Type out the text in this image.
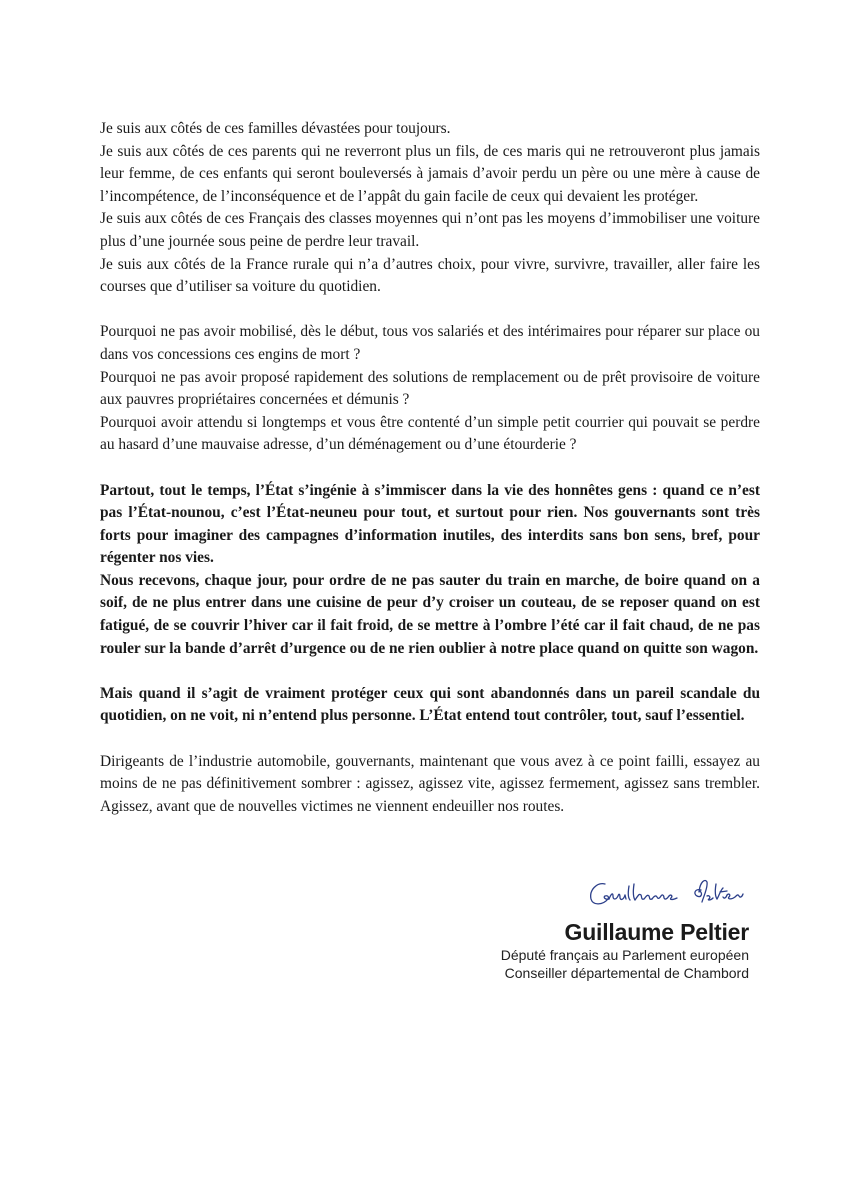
Je suis aux côtés de ces familles dévastées pour toujours.

Je suis aux côtés de ces parents qui ne reverront plus un fils, de ces maris qui ne retrouveront plus jamais leur femme, de ces enfants qui seront bouleversés à jamais d’avoir perdu un père ou une mère à cause de l’incompétence, de l’inconséquence et de l’appât du gain facile de ceux qui devaient les protéger.

Je suis aux côtés de ces Français des classes moyennes qui n’ont pas les moyens d’immobiliser une voiture plus d’une journée sous peine de perdre leur travail.

Je suis aux côtés de la France rurale qui n’a d’autres choix, pour vivre, survivre, travailler, aller faire les courses que d’utiliser sa voiture du quotidien.

Pourquoi ne pas avoir mobilisé, dès le début, tous vos salariés et des intérimaires pour réparer sur place ou dans vos concessions ces engins de mort ?

Pourquoi ne pas avoir proposé rapidement des solutions de remplacement ou de prêt provisoire de voiture aux pauvres propriétaires concernées et démunis ?

Pourquoi avoir attendu si longtemps et vous être contenté d’un simple petit courrier qui pouvait se perdre au hasard d’une mauvaise adresse, d’un déménagement ou d’une étourderie ?

Partout, tout le temps, l’État s’ingénie à s’immiscer dans la vie des honnêtes gens : quand ce n’est pas l’État-nounou, c’est l’État-neuneu pour tout, et surtout pour rien. Nos gouvernants sont très forts pour imaginer des campagnes d’information inutiles, des interdits sans bon sens, bref, pour régenter nos vies.

Nous recevons, chaque jour, pour ordre de ne pas sauter du train en marche, de boire quand on a soif, de ne plus entrer dans une cuisine de peur d’y croiser un couteau, de se reposer quand on est fatigué, de se couvrir l’hiver car il fait froid, de se mettre à l’ombre l’été car il fait chaud, de ne pas rouler sur la bande d’arrêt d’urgence ou de ne rien oublier à notre place quand on quitte son wagon.

Mais quand il s’agit de vraiment protéger ceux qui sont abandonnés dans un pareil scandale du quotidien, on ne voit, ni n’entend plus personne. L’État entend tout contrôler, tout, sauf l’essentiel.

Dirigeants de l’industrie automobile, gouvernants, maintenant que vous avez à ce point failli, essayez au moins de ne pas définitivement sombrer : agissez, agissez vite, agissez fermement, agissez sans trembler. Agissez, avant que de nouvelles victimes ne viennent endeuiller nos routes.

Guillaume Peltier
Député français au Parlement européen
Conseiller départemental de Chambord
